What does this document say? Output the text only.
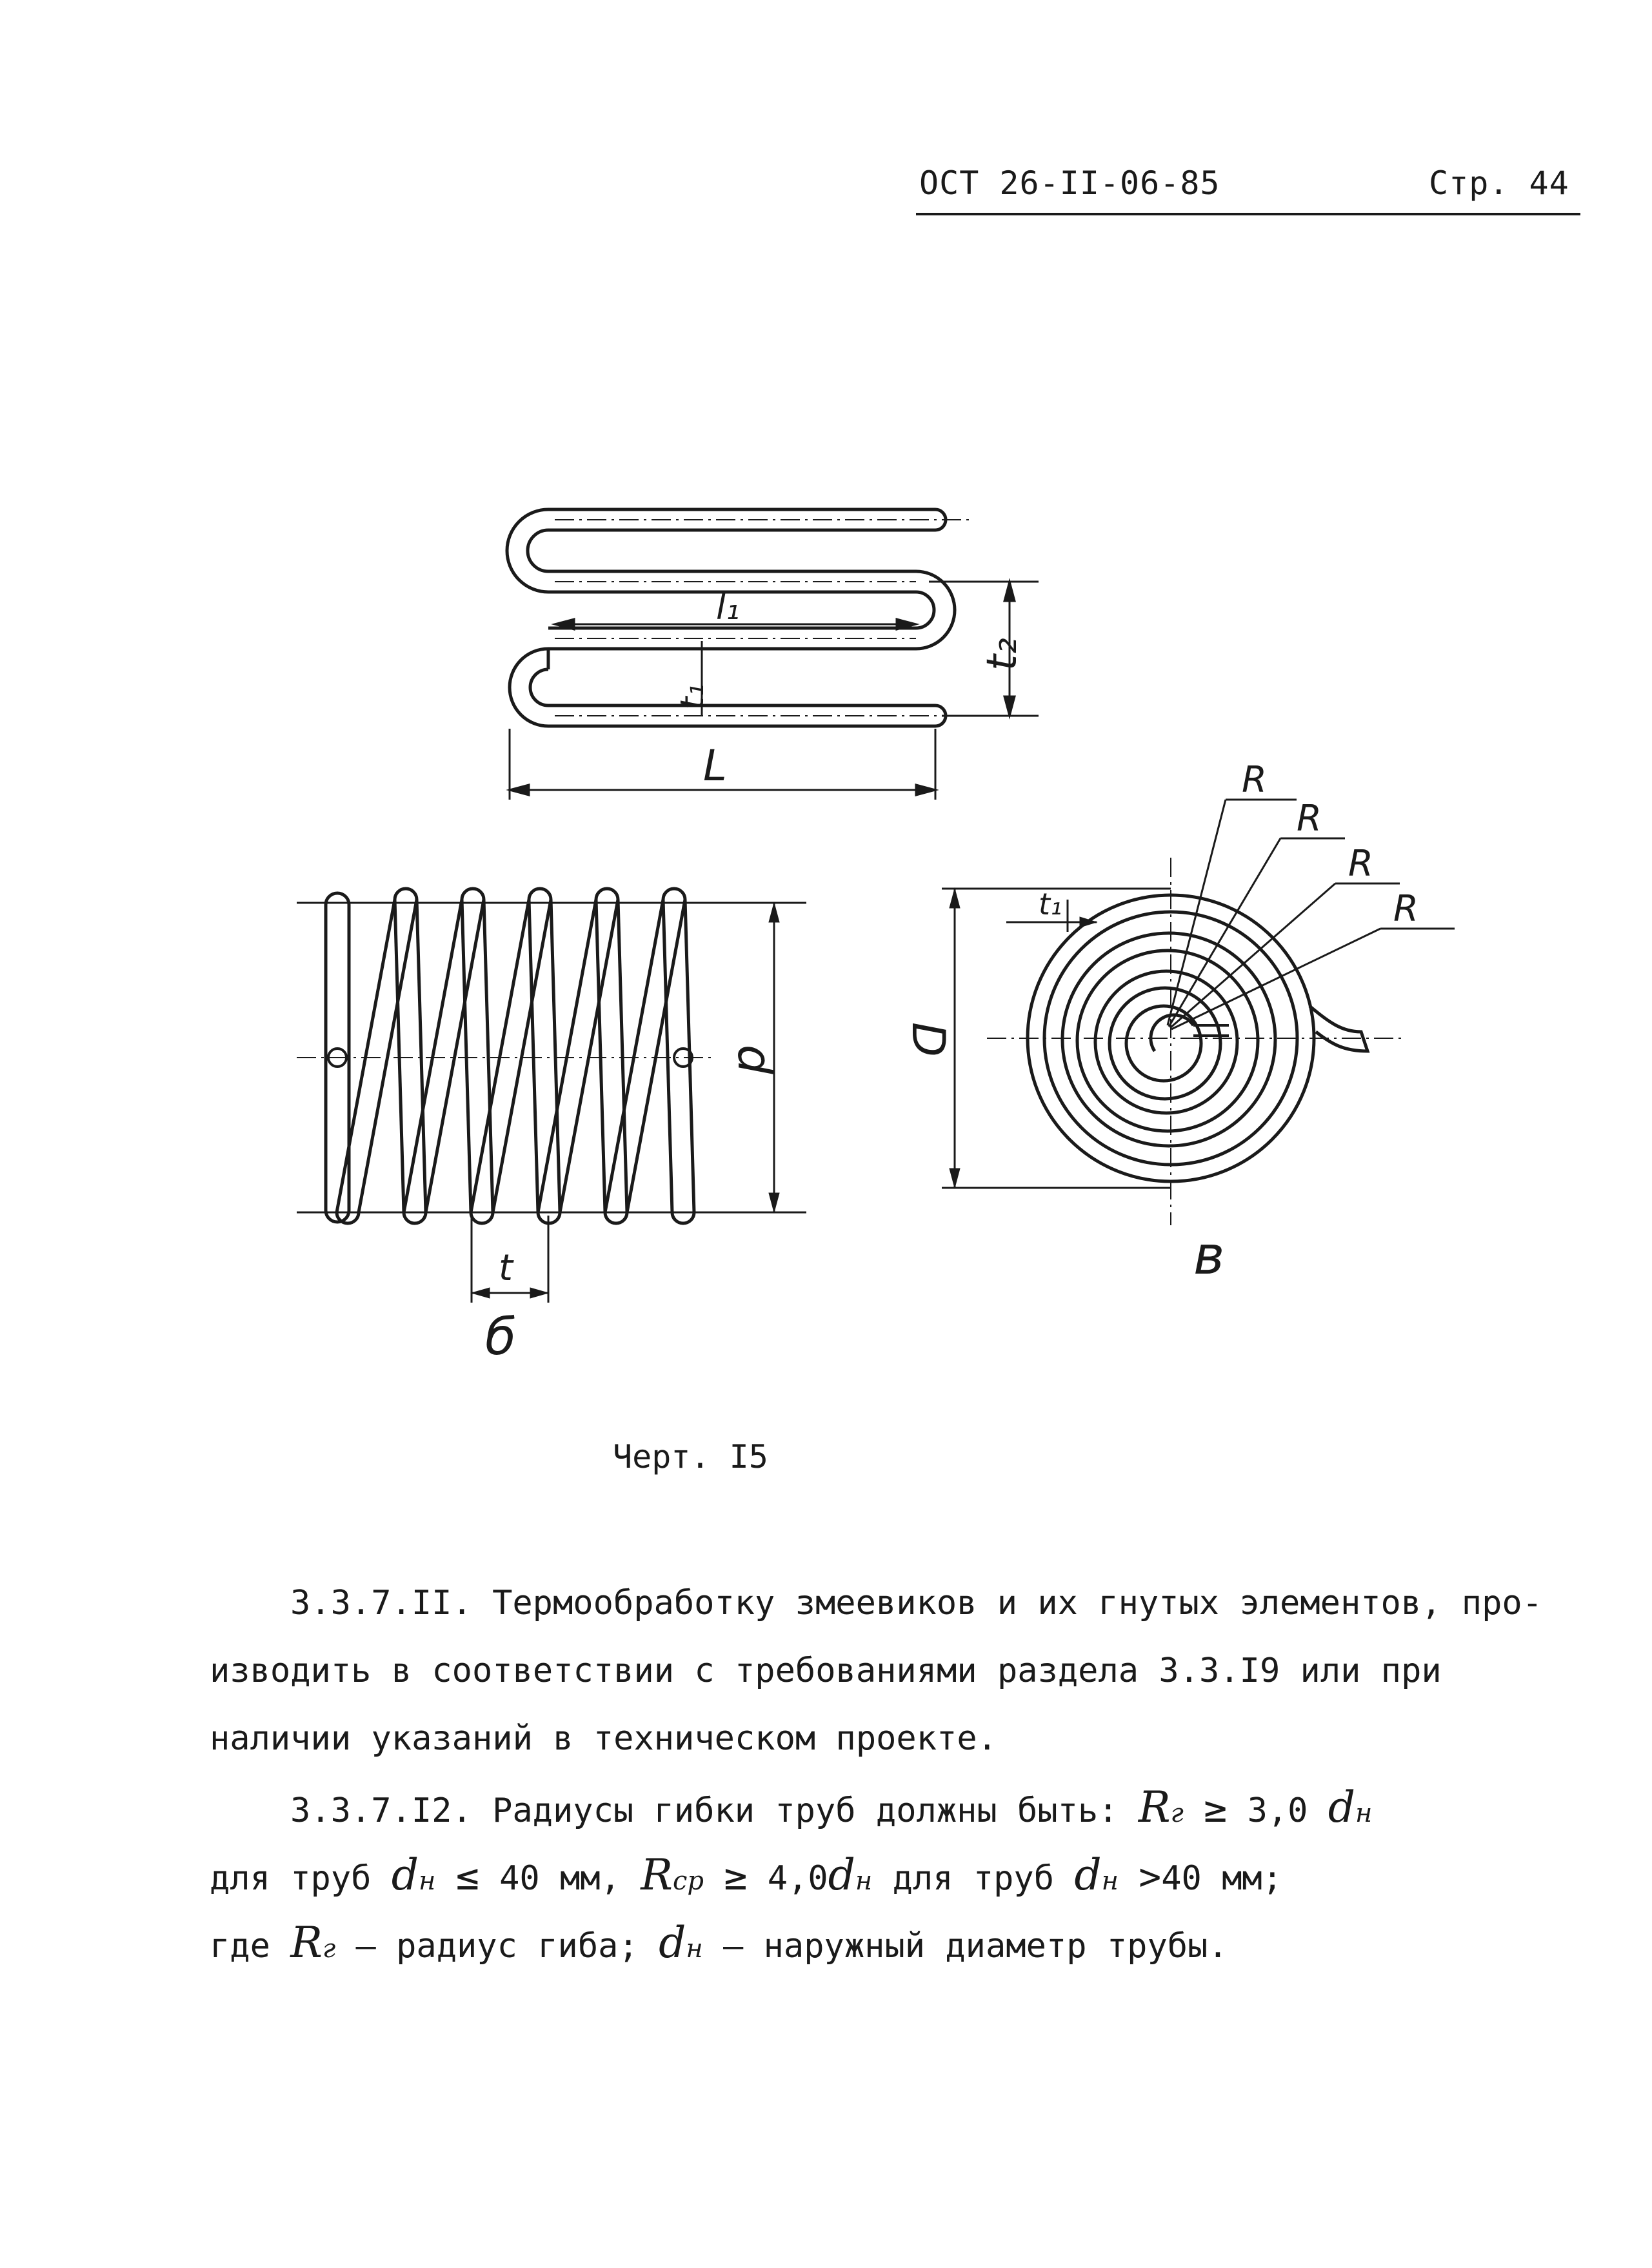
ОСТ 26-II-06-85	Стр. 44
l₁
t₁
t₂
L
d
t
б
D
t₁
R
R
R
R
в
Черт. I5
3.3.7.II. Термообработку змеевиков и их гнутых элементов, про-
изводить в соответствии с требованиями раздела 3.3.I9 или при
наличии указаний в техническом проекте.
3.3.7.I2. Радиусы гибки труб должны быть: Rг ≥ 3,0 dн
для труб dн ≤ 40 мм, Rср ≥ 4,0dн для труб dн >40 мм;
где Rг – радиус гиба; dн – наружный диаметр трубы.
